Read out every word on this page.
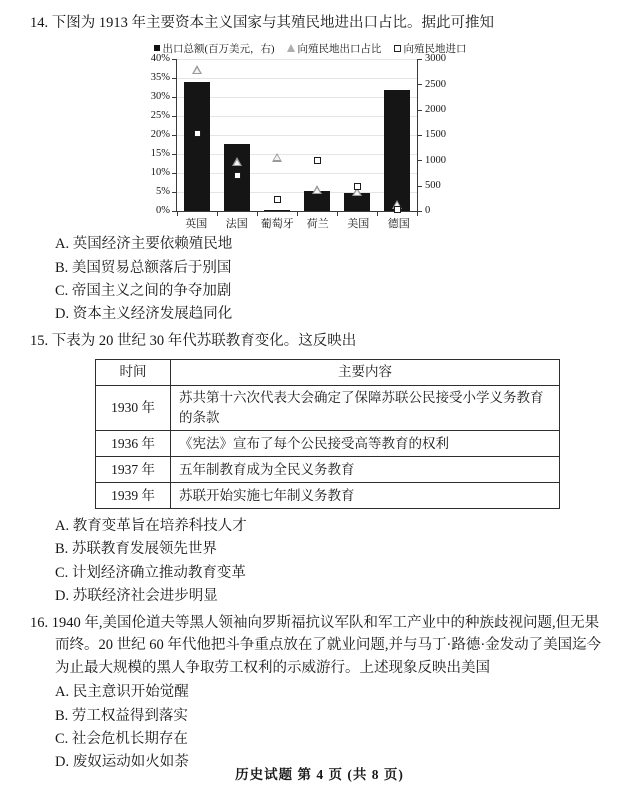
14. 下图为 1913 年主要资本主义国家与其殖民地进出口占比。据此可推知
出口总额(百万美元，右) 向殖民地出口占比 向殖民地进口
0%
5%
10%
15%
20%
25%
30%
35%
40%
0
500
1000
1500
2000
2500
3000
英国	法国	葡萄牙	荷兰	美国	德国
A. 英国经济主要依赖殖民地
B. 美国贸易总额落后于别国
C. 帝国主义之间的争夺加剧
D. 资本主义经济发展趋同化
15. 下表为 20 世纪 30 年代苏联教育变化。这反映出
时间	主要内容
1930 年	苏共第十六次代表大会确定了保障苏联公民接受小学义务教育的条款
1936 年	《宪法》宣布了每个公民接受高等教育的权利
1937 年	五年制教育成为全民义务教育
1939 年	苏联开始实施七年制义务教育
A. 教育变革旨在培养科技人才
B. 苏联教育发展领先世界
C. 计划经济确立推动教育变革
D. 苏联经济社会进步明显
16. 1940 年,美国伦道夫等黑人领袖向罗斯福抗议军队和军工产业中的种族歧视问题,但无果而终。20 世纪 60 年代他把斗争重点放在了就业问题,并与马丁·路德·金发动了美国迄今为止最大规模的黑人争取劳工权利的示威游行。上述现象反映出美国
A. 民主意识开始觉醒
B. 劳工权益得到落实
C. 社会危机长期存在
D. 废奴运动如火如荼
历史试题 第 4 页 (共 8 页)
